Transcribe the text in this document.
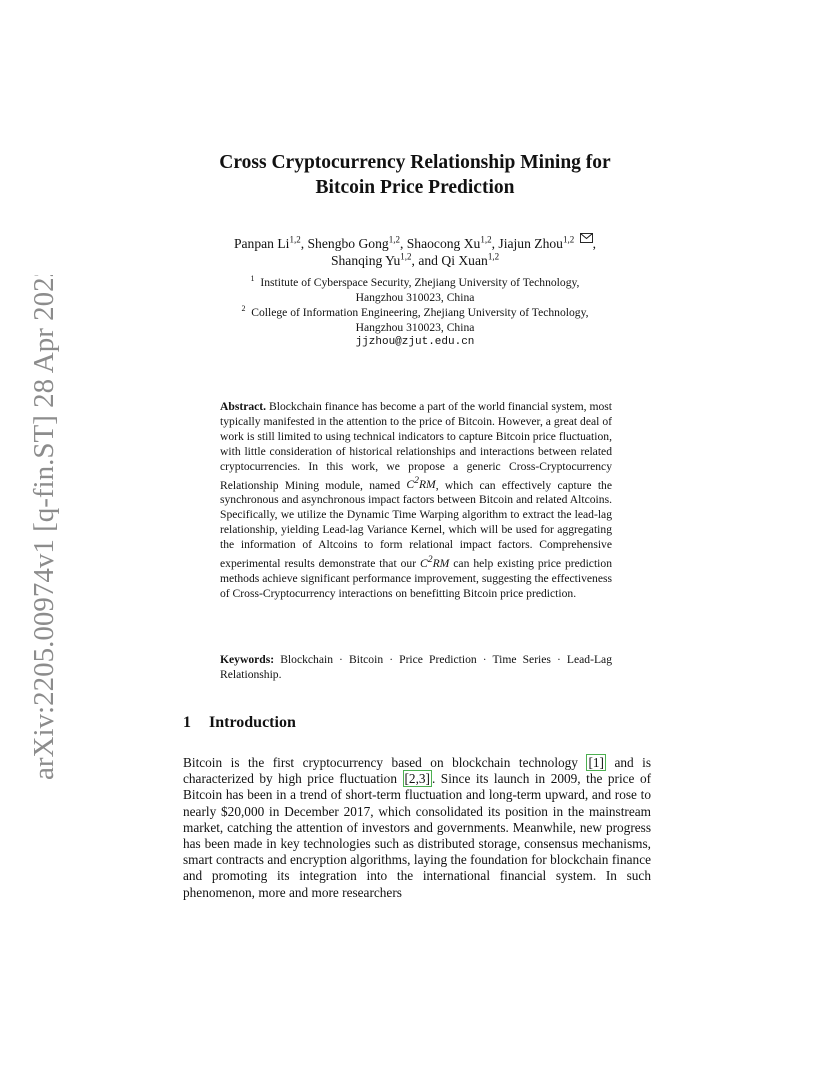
arXiv:2205.00974v1 [q-fin.ST] 28 Apr 2022
Cross Cryptocurrency Relationship Mining for
Bitcoin Price Prediction
Panpan Li$^{1,2}$, Shengbo Gong$^{1,2}$, Shaocong Xu$^{1,2}$, Jiajun Zhou$^{1,2}$ ,
Shanqing Yu$^{1,2}$, and Qi Xuan$^{1,2}$
$^1$ Institute of Cyberspace Security, Zhejiang University of Technology,
Hangzhou 310023, China
$^2$ College of Information Engineering, Zhejiang University of Technology,
Hangzhou 310023, China
jjzhou@zjut.edu.cn
Abstract. Blockchain finance has become a part of the world financial system, most typically manifested in the attention to the price of Bitcoin. However, a great deal of work is still limited to using technical indicators to capture Bitcoin price fluctuation, with little consideration of historical relationships and interactions between related cryptocurrencies. In this work, we propose a generic Cross-Cryptocurrency Relationship Mining module, named $C^2RM$, which can effectively capture the synchronous and asynchronous impact factors between Bitcoin and related Altcoins. Specifically, we utilize the Dynamic Time Warping algorithm to extract the lead-lag relationship, yielding Lead-lag Variance Kernel, which will be used for aggregating the information of Altcoins to form relational impact factors. Comprehensive experimental results demonstrate that our $C^2RM$ can help existing price prediction methods achieve significant performance improvement, suggesting the effectiveness of Cross-Cryptocurrency interactions on benefitting Bitcoin price prediction.
Keywords: Blockchain · Bitcoin · Price Prediction · Time Series · Lead-Lag Relationship.
1 Introduction
Bitcoin is the first cryptocurrency based on blockchain technology [1] and is characterized by high price fluctuation [2,3] . Since its launch in 2009, the price of Bitcoin has been in a trend of short-term fluctuation and long-term upward, and rose to nearly $20,000 in December 2017, which consolidated its position in the mainstream market, catching the attention of investors and governments. Meanwhile, new progress has been made in key technologies such as distributed storage, consensus mechanisms, smart contracts and encryption algorithms, laying the foundation for blockchain finance and promoting its integration into the international financial system. In such phenomenon, more and more researchers
